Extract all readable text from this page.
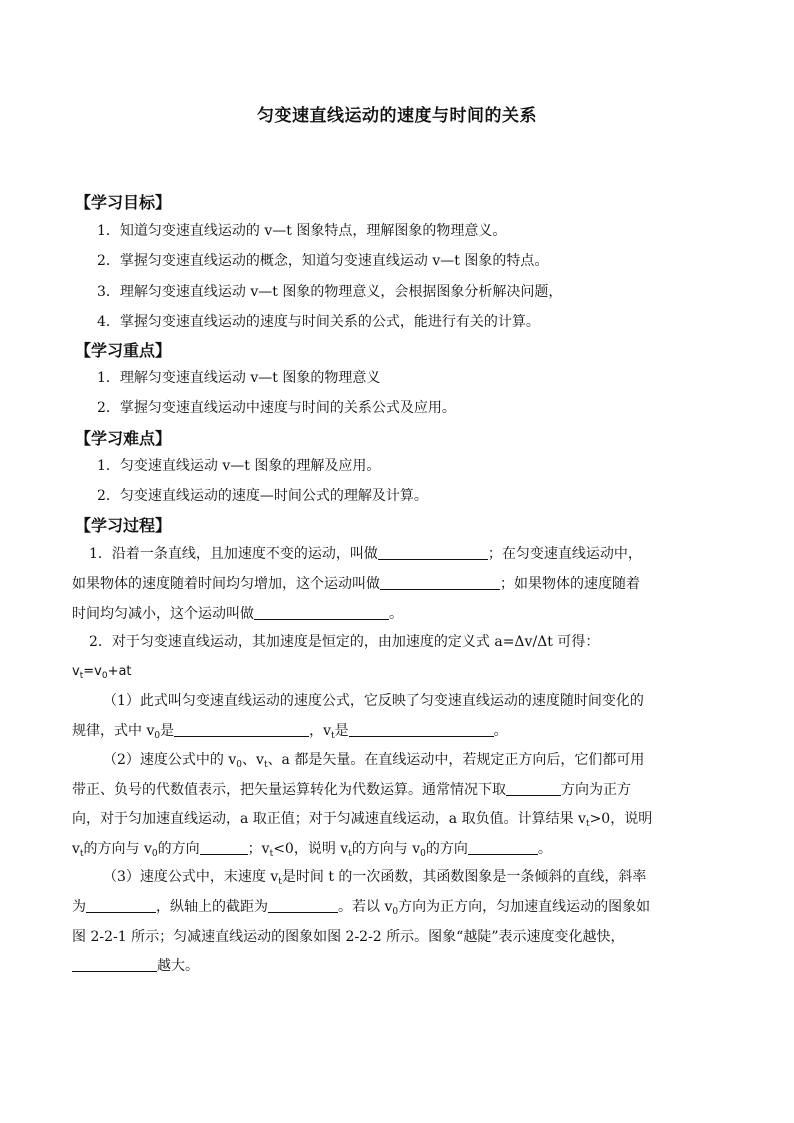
匀变速直线运动的速度与时间的关系
【学习目标】
1．知道匀变速直线运动的 v—t 图象特点，理解图象的物理意义。
2．掌握匀变速直线运动的概念，知道匀变速直线运动 v—t 图象的特点。
3．理解匀变速直线运动 v—t 图象的物理意义，会根据图象分析解决问题，
4．掌握匀变速直线运动的速度与时间关系的公式，能进行有关的计算。
【学习重点】
1．理解匀变速直线运动 v—t 图象的物理意义
2．掌握匀变速直线运动中速度与时间的关系公式及应用。
【学习难点】
1．匀变速直线运动 v—t 图象的理解及应用。
2．匀变速直线运动的速度—时间公式的理解及计算。
【学习过程】
1．沿着一条直线，且加速度不变的运动，叫做	；在匀变速直线运动中，
如果物体的速度随着时间均匀增加，这个运动叫做	；如果物体的速度随着
时间均匀减小，这个运动叫做	。
2．对于匀变速直线运动，其加速度是恒定的，由加速度的定义式 a=Δv/Δt 可得：
$v_t=v_0+at$
（1）此式叫匀变速直线运动的速度公式，它反映了匀变速直线运动的速度随时间变化的
规律，式中 $v_0$是	，$v_t$是	。
（2）速度公式中的 $v_0$、$v_t$、a 都是矢量。在直线运动中，若规定正方向后，它们都可用
带正、负号的代数值表示，把矢量运算转化为代数运算。通常情况下取	方向为正方
向，对于匀加速直线运动，a 取正值；对于匀减速直线运动，a 取负值。计算结果 $v_t>0$，说明
$v_t$的方向与 $v_0$的方向	；$v_t<0$，说明 $v_t$的方向与 $v_0$的方向	。
（3）速度公式中，末速度 $v_t$是时间 t 的一次函数，其函数图象是一条倾斜的直线，斜率
为	，纵轴上的截距为	。若以 $v_0$方向为正方向，匀加速直线运动的图象如
图 2-2-1 所示；匀减速直线运动的图象如图 2-2-2 所示。图象“越陡”表示速度变化越快，
越大。
